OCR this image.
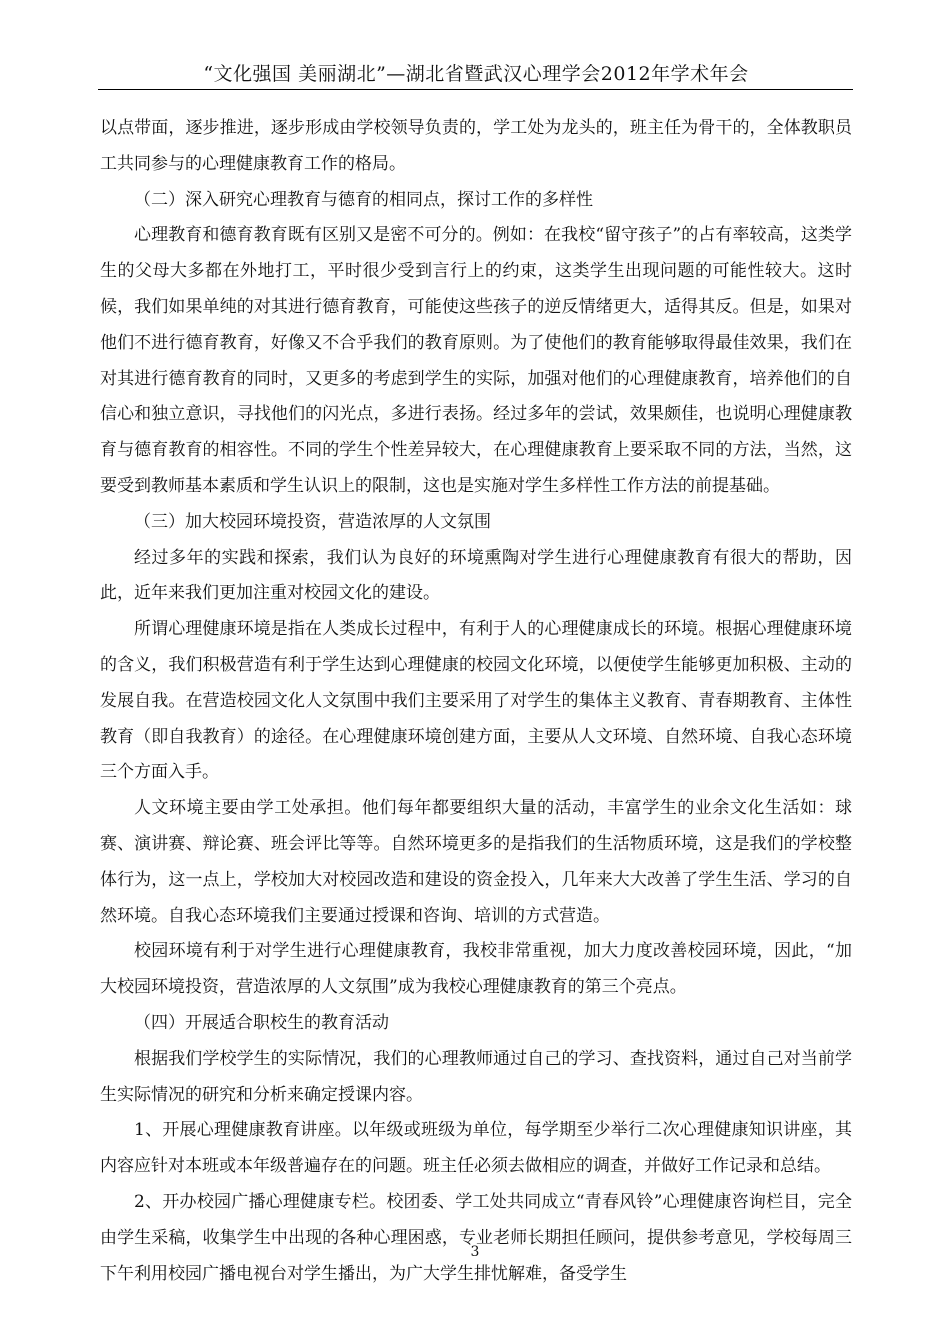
“文化强国 美丽湖北”—湖北省暨武汉心理学会2012年学术年会

以点带面，逐步推进，逐步形成由学校领导负责的，学工处为龙头的，班主任为骨干的，全体教职员工共同参与的心理健康教育工作的格局。

（二）深入研究心理教育与德育的相同点，探讨工作的多样性

心理教育和德育教育既有区别又是密不可分的。例如：在我校“留守孩子”的占有率较高，这类学生的父母大多都在外地打工，平时很少受到言行上的约束，这类学生出现问题的可能性较大。这时候，我们如果单纯的对其进行德育教育，可能使这些孩子的逆反情绪更大，适得其反。但是，如果对他们不进行德育教育，好像又不合乎我们的教育原则。为了使他们的教育能够取得最佳效果，我们在对其进行德育教育的同时，又更多的考虑到学生的实际，加强对他们的心理健康教育，培养他们的自信心和独立意识，寻找他们的闪光点，多进行表扬。经过多年的尝试，效果颇佳，也说明心理健康教育与德育教育的相容性。不同的学生个性差异较大，在心理健康教育上要采取不同的方法，当然，这要受到教师基本素质和学生认识上的限制，这也是实施对学生多样性工作方法的前提基础。

（三）加大校园环境投资，营造浓厚的人文氛围

经过多年的实践和探索，我们认为良好的环境熏陶对学生进行心理健康教育有很大的帮助，因此，近年来我们更加注重对校园文化的建设。

所谓心理健康环境是指在人类成长过程中，有利于人的心理健康成长的环境。根据心理健康环境的含义，我们积极营造有利于学生达到心理健康的校园文化环境，以便使学生能够更加积极、主动的发展自我。在营造校园文化人文氛围中我们主要采用了对学生的集体主义教育、青春期教育、主体性教育（即自我教育）的途径。在心理健康环境创建方面，主要从人文环境、自然环境、自我心态环境三个方面入手。

人文环境主要由学工处承担。他们每年都要组织大量的活动，丰富学生的业余文化生活如：球赛、演讲赛、辩论赛、班会评比等等。自然环境更多的是指我们的生活物质环境，这是我们的学校整体行为，这一点上，学校加大对校园改造和建设的资金投入，几年来大大改善了学生生活、学习的自然环境。自我心态环境我们主要通过授课和咨询、培训的方式营造。

校园环境有利于对学生进行心理健康教育，我校非常重视，加大力度改善校园环境，因此，“加大校园环境投资，营造浓厚的人文氛围”成为我校心理健康教育的第三个亮点。

（四）开展适合职校生的教育活动

根据我们学校学生的实际情况，我们的心理教师通过自己的学习、查找资料，通过自己对当前学生实际情况的研究和分析来确定授课内容。

1、开展心理健康教育讲座。以年级或班级为单位，每学期至少举行二次心理健康知识讲座，其内容应针对本班或本年级普遍存在的问题。班主任必须去做相应的调查，并做好工作记录和总结。

2、开办校园广播心理健康专栏。校团委、学工处共同成立“青春风铃”心理健康咨询栏目，完全由学生采稿，收集学生中出现的各种心理困惑，专业老师长期担任顾问，提供参考意见，学校每周三下午利用校园广播电视台对学生播出，为广大学生排忧解难，备受学生

3
